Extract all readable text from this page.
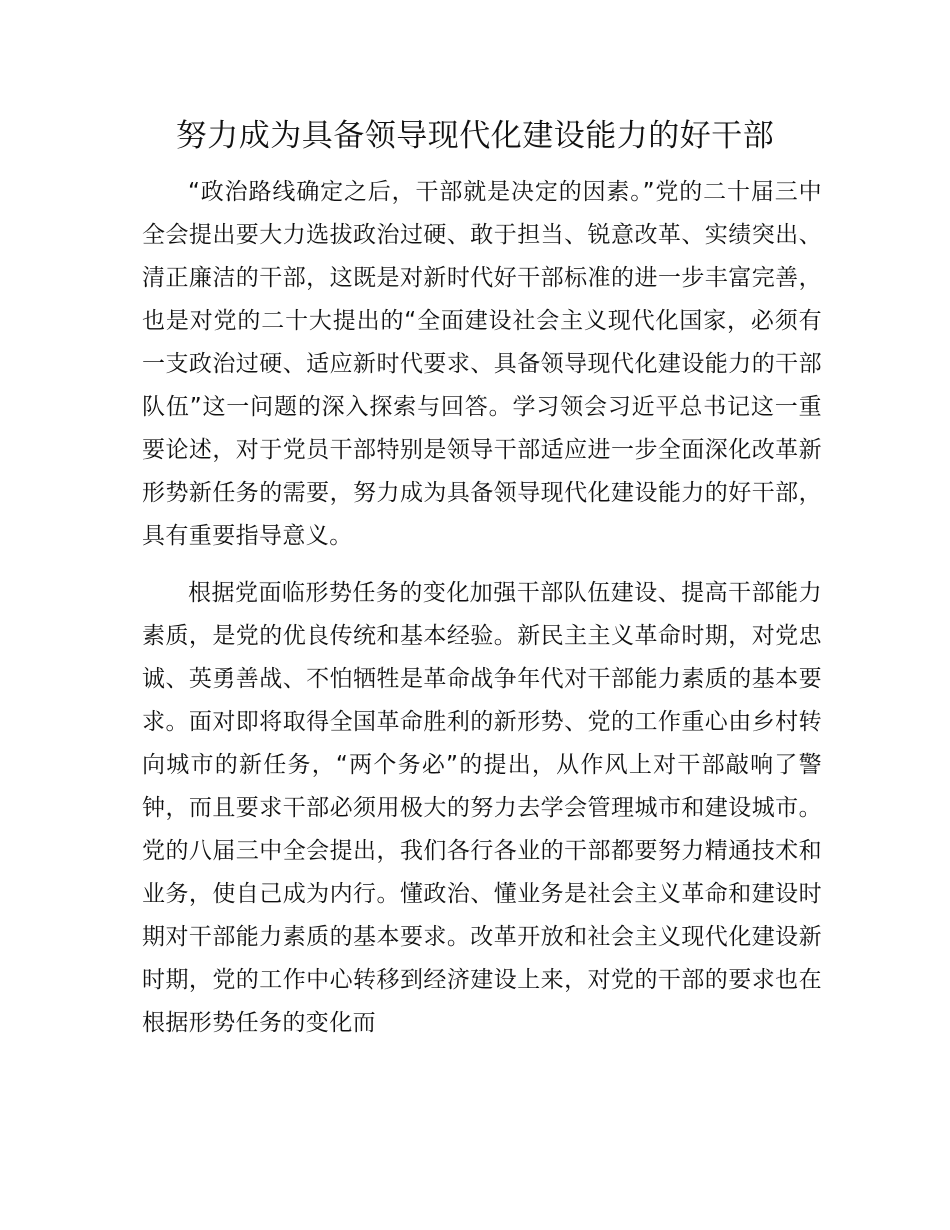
努力成为具备领导现代化建设能力的好干部

“政治路线确定之后，干部就是决定的因素。”党的二十届三中全会提出要大力选拔政治过硬、敢于担当、锐意改革、实绩突出、清正廉洁的干部，这既是对新时代好干部标准的进一步丰富完善，也是对党的二十大提出的“全面建设社会主义现代化国家，必须有一支政治过硬、适应新时代要求、具备领导现代化建设能力的干部队伍”这一问题的深入探索与回答。学习领会习近平总书记这一重要论述，对于党员干部特别是领导干部适应进一步全面深化改革新形势新任务的需要，努力成为具备领导现代化建设能力的好干部，具有重要指导意义。

根据党面临形势任务的变化加强干部队伍建设、提高干部能力素质，是党的优良传统和基本经验。新民主主义革命时期，对党忠诚、英勇善战、不怕牺牲是革命战争年代对干部能力素质的基本要求。面对即将取得全国革命胜利的新形势、党的工作重心由乡村转向城市的新任务，“两个务必”的提出，从作风上对干部敲响了警钟，而且要求干部必须用极大的努力去学会管理城市和建设城市。党的八届三中全会提出，我们各行各业的干部都要努力精通技术和业务，使自己成为内行。懂政治、懂业务是社会主义革命和建设时期对干部能力素质的基本要求。改革开放和社会主义现代化建设新时期，党的工作中心转移到经济建设上来，对党的干部的要求也在根据形势任务的变化而
